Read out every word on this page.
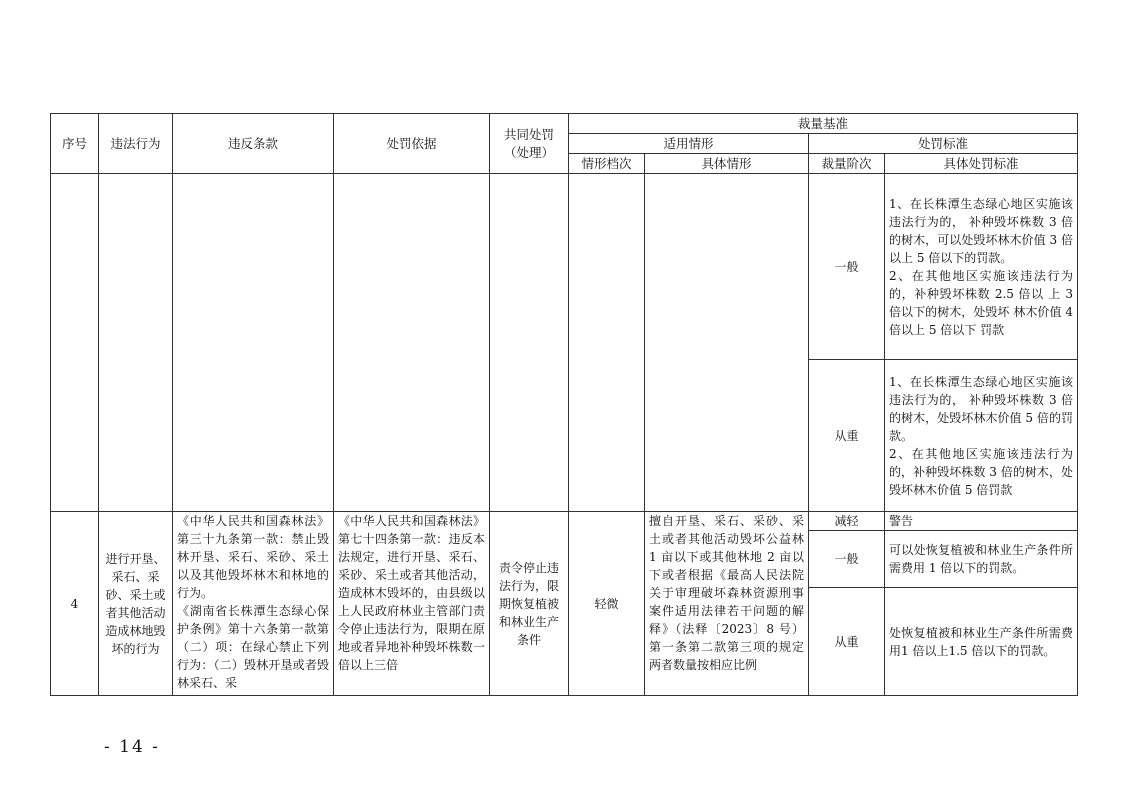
序号	违法行为	违反条款	处罚依据	共同处罚（处理）	裁量基准			
					适用情形		处罚标准	
					情形档次	具体情形	裁量阶次	具体处罚标准
							一般	1、在长株潭生态绿心地区实施该违法行为的， 补种毁坏株数 3 倍的树木，可以处毁坏林木价值 3 倍以上 5 倍以下的罚款。
2、在其他地区实施该违法行为的，补种毁坏株数 2.5 倍以 上 3 倍以下的树木，处毁坏 林木价值 4 倍以上 5 倍以下 罚款
							从重	1、在长株潭生态绿心地区实施该违法行为的， 补种毁坏株数 3 倍的树木，处毁坏林木价值 5 倍的罚款。
2、在其他地区实施该违法行为的，补种毁坏株数 3 倍的树木，处毁坏林木价值 5 倍罚款
4	进行开垦、采石、采砂、采土或者其他活动造成林地毁坏的行为	《中华人民共和国森林法》第三十九条第一款：禁止毁林开垦、采石、采砂、采土以及其他毁坏林木和林地的行为。
《湖南省长株潭生态绿心保护条例》第十六条第一款第（二）项：在绿心禁止下列行为：（二）毁林开垦或者毁林采石、采	《中华人民共和国森林法》第七十四条第一款：违反本法规定，进行开垦、采石、采砂、采土或者其他活动，造成林木毁坏的，由县级以上人民政府林业主管部门责令停止违法行为，限期在原地或者异地补种毁坏株数一倍以上三倍	责令停止违法行为，限期恢复植被和林业生产条件	轻微	擅自开垦、采石、采砂、采土或者其他活动毁坏公益林 1 亩以下或其他林地 2 亩以下或者根据《最高人民法院关于审理破坏森林资源刑事案件适用法律若干问题的解释》（法释〔2023〕8 号）第一条第二款第三项的规定两者数量按相应比例	减轻	警告
							一般	可以处恢复植被和林业生产条件所需费用 1 倍以下的罚款。
							从重	处恢复植被和林业生产条件所需费用1 倍以上1.5 倍以下的罚款。
- 14 -
